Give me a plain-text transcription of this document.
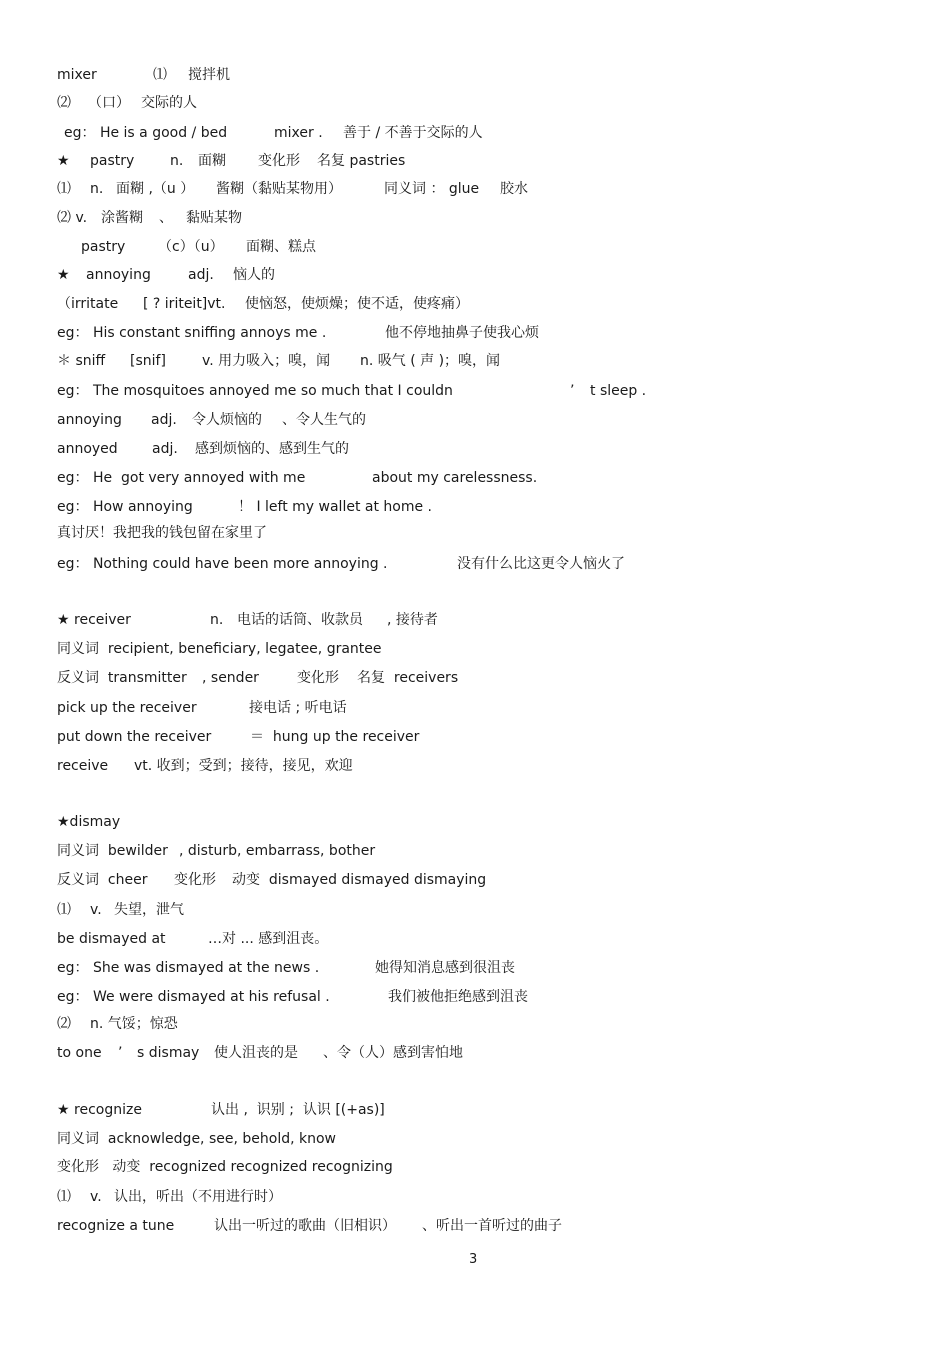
mixer	⑴ 搅拌机
⑵ （口） 交际的人
eg： He is a good / bed	mixer . 善于 / 不善于交际的人
★ pastry	n. 面糊 变化形 名复 pastries
⑴ n. 面糊 ,（u ） 酱糊（黏贴某物用）	同义词 ： glue 胶水
⑵ v. 涂酱糊 、 黏贴某物
pastry （c）（u） 面糊、糕点
★ annoying	adj. 恼人的
（irritate [ ? iriteit]vt. 使恼怒，使烦燥；使不适，使疼痛）
eg： His constant sniffing annoys me .	他不停地抽鼻子使我心烦
＊ sniff [snif]	v. 用力吸入；嗅，闻 n. 吸气 ( 声 )；嗅，闻
eg： The mosquitoes annoyed me so much that I couldn	’ t sleep .
annoying adj. 令人烦恼的 、令人生气的
annoyed adj. 感到烦恼的、感到生气的
eg： He  got very annoyed with me	about my carelessness.
eg： How annoying	！ I left my wallet at home .
真讨厌！我把我的钱包留在家里了
eg： Nothing could have been more annoying .	没有什么比这更令人恼火了
★ receiver	n. 电话的话筒、收款员 , 接待者
同义词  recipient, beneficiary, legatee, grantee
反义词  transmitter , sender	变化形 名复  receivers
pick up the receiver	接电话 ; 听电话
put down the receiver	＝  hung up the receiver
receive vt. 收到；受到；接待，接见，欢迎
★dismay
同义词  bewilder , disturb, embarrass, bother
反义词  cheer 变化形 动变  dismayed dismayed dismaying
⑴ v. 失望，泄气
be dismayed at	…对 ... 感到沮丧。
eg： She was dismayed at the news .	她得知消息感到很沮丧
eg： We were dismayed at his refusal .	我们被他拒绝感到沮丧
⑵ n. 气馁；惊恐
to one ’ s dismay 使人沮丧的是 、令（人）感到害怕地
★ recognize	认出 ,  识别 ;  认识 [(+as)]
同义词  acknowledge, see, behold, know
变化形   动变  recognized recognized recognizing
⑴ v. 认出，听出（不用进行时）
recognize a tune	认出一听过的歌曲（旧相识） 、听出一首听过的曲子
3
